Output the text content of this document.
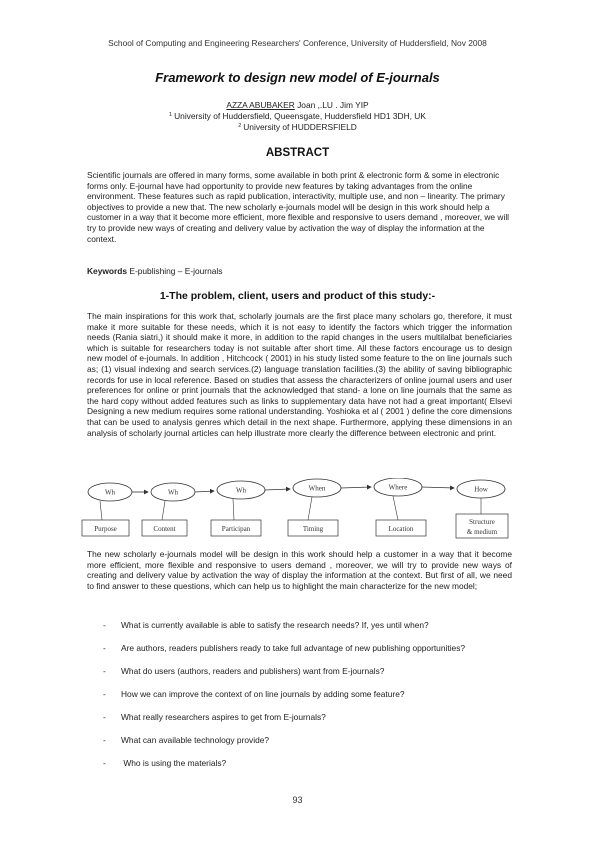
School of Computing and Engineering Researchers' Conference, University of Huddersfield, Nov 2008
Framework to design new model of E-journals
AZZA ABUBAKER Joan ,.LU . Jim YIP
$^1$ University of Huddersfield, Queensgate, Huddersfield HD1 3DH, UK
$^2$ University of HUDDERSFIELD
ABSTRACT
Scientific journals are offered in many forms, some available in both print & electronic form & some in electronic forms only. E-journal have had opportunity to provide new features by taking advantages from the online environment. These features such as rapid publication, interactivity, multiple use, and non – linearity. The primary objectives to provide a new that. The new scholarly e-journals model will be design in this work should help a customer in a way that it become more efficient, more flexible and responsive to users demand , moreover, we will try to provide new ways of creating and delivery value by activation the way of display the information at the context.
Keywords E-publishing – E-journals
1-The problem, client, users and product of this study:-
The main inspirations for this work that, scholarly journals are the first place many scholars go, therefore, it must make it more suitable for these needs, which it is not easy to identify the factors which trigger the information needs (Rania siatri,) it should make it more, in addition to the rapid changes in the users multilalbat beneficiaries which is suitable for researchers today is not suitable after short time. All these factors encourage us to design new model of e-journals. In addition , Hitchcock ( 2001) in his study listed some feature to the on line journals such as; (1) visual indexing and search services.(2) language translation facilities.(3) the ability of saving bibliographic records for use in local reference. Based on studies that assess the characterizers of online journal users and user preferences for online or print journals that the acknowledged that stand- a lone on line journals that the same as the hard copy without added features such as links to supplementary data have not had a great important( Elsevi Designing a new medium requires some rational understanding. Yoshioka et al ( 2001 ) define the core dimensions that can be used to analysis genres which detail in the next shape. Furthermore, applying these dimensions in an analysis of scholarly journal articles can help illustrate more clearly the difference between electronic and print.
Wh	Wh	Wh	When	Where	How
Purpose	Content	Participan	Timing	Location
Structure
& medium
The new scholarly e-journals model will be design in this work should help a customer in a way that it become more efficient, more flexible and responsive to users demand , moreover, we will try to provide new ways of creating and delivery value by activation the way of display the information at the context. But first of all, we need to find answer to these questions, which can help us to highlight the main characterize for the new model;
- What is currently available is able to satisfy the research needs? If, yes until when?
- Are authors, readers publishers ready to take full advantage of new publishing opportunities?
- What do users (authors, readers and publishers) want from E-journals?
- How we can improve the context of on line journals by adding some feature?
- What really researchers aspires to get from E-journals?
- What can available technology provide?
- Who is using the materials?
93
